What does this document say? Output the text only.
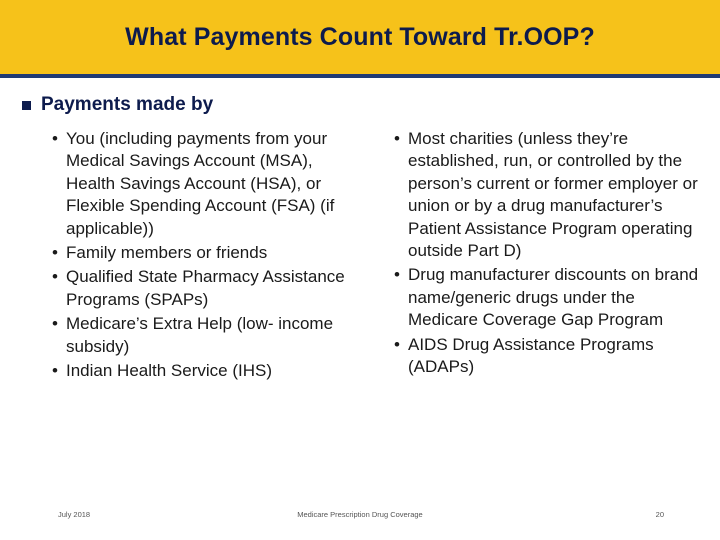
What Payments Count Toward Tr.OOP?
Payments made by
• You (including payments from your Medical Savings Account (MSA), Health Savings Account (HSA), or Flexible Spending Account (FSA) (if applicable))
• Family members or friends
• Qualified State Pharmacy Assistance Programs (SPAPs)
• Medicare’s Extra Help (low- income subsidy)
• Indian Health Service (IHS)
• Most charities (unless they’re established, run, or controlled by the person’s current or former employer or union or by a drug manufacturer’s Patient Assistance Program operating outside Part D)
• Drug manufacturer discounts on brand name/generic drugs under the Medicare Coverage Gap Program
• AIDS Drug Assistance Programs (ADAPs)
July 2018	Medicare Prescription Drug Coverage	20
